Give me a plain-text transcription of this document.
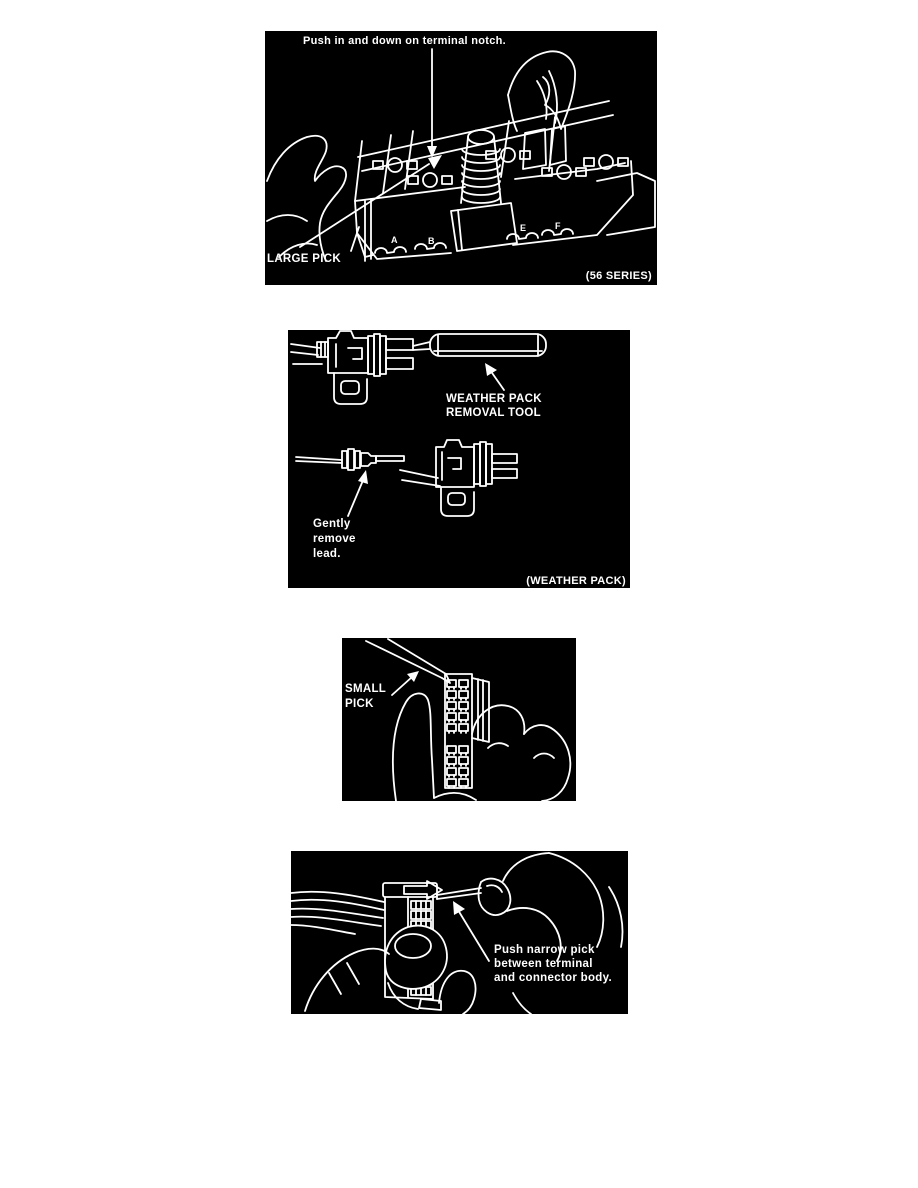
A	B
E	F
Push in and down on terminal notch.
LARGE PICK
(56 SERIES)
WEATHER PACK
REMOVAL TOOL
Gently
remove
lead.
(WEATHER PACK)
SMALL
PICK
Push narrow pick
between terminal
and connector body.
